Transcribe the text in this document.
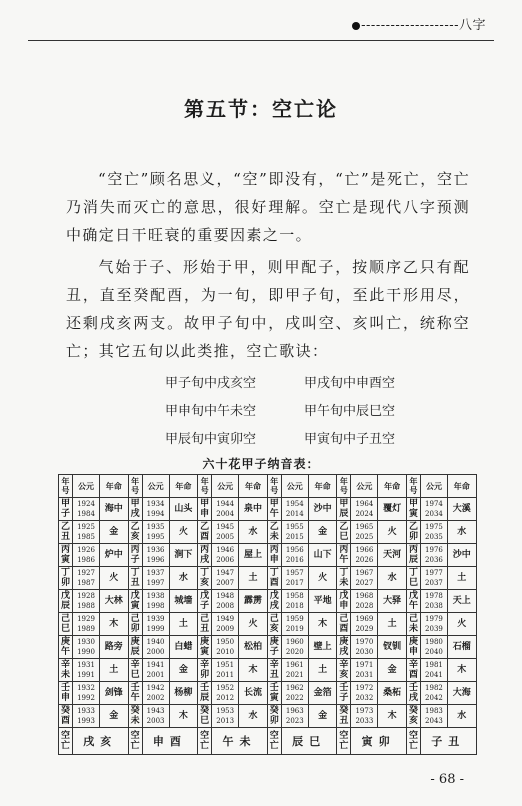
--------------------八字
第五节：空亡论
“空亡”顾名思义，“空”即没有，“亡”是死亡，空亡乃消失而灭亡的意思，很好理解。空亡是现代八字预测中确定日干旺衰的重要因素之一。
气始于子、形始于甲，则甲配子，按顺序乙只有配丑，直至癸配酉，为一旬，即甲子旬，至此干形用尽，还剩戌亥两支。故甲子旬中，戌叫空、亥叫亡，统称空亡；其它五旬以此类推，空亡歌诀：
甲子旬中戌亥空	甲戌旬中申酉空
甲申旬中午未空	甲午旬中辰巳空
甲辰旬中寅卯空	甲寅旬中子丑空
六十花甲子纳音表：
年号	公元	年命	年号	公元	年命	年号	公元	年命	年号	公元	年命	年号	公元	年命	年号	公元	年命
甲子	1924 1984	海中	甲戌	1934 1994	山头	甲申	1944 2004	泉中	甲午	1954 2014	沙中	甲辰	1964 2024	覆灯	甲寅	1974 2034	大溪
乙丑	1925 1985	金	乙亥	1935 1995	火	乙酉	1945 2005	水	乙未	1955 2015	金	乙巳	1965 2025	火	乙卯	1975 2035	水
丙寅	1926 1986	炉中	丙子	1936 1996	涧下	丙戌	1946 2006	屋上	丙申	1956 2016	山下	丙午	1966 2026	天河	丙辰	1976 2036	沙中
丁卯	1927 1987	火	丁丑	1937 1997	水	丁亥	1947 2007	土	丁酉	1957 2017	火	丁未	1967 2027	水	丁巳	1977 2037	土
戊辰	1928 1988	大林	戊寅	1938 1998	城墙	戊子	1948 2008	霹雳	戊戌	1958 2018	平地	戊申	1968 2028	大驿	戊午	1978 2038	天上
己巳	1929 1989	木	己卯	1939 1999	土	己丑	1949 2009	火	己亥	1959 2019	木	己酉	1969 2029	土	己未	1979 2039	火
庚午	1930 1990	路旁	庚辰	1940 2000	白蜡	庚寅	1950 2010	松柏	庚子	1960 2020	壁上	庚戌	1970 2030	钗钏	庚申	1980 2040	石榴
辛未	1931 1991	土	辛巳	1941 2001	金	辛卯	1951 2011	木	辛丑	1961 2021	土	辛亥	1971 2031	金	辛酉	1981 2041	木
壬申	1932 1992	剑锋	壬午	1942 2002	杨柳	壬辰	1952 2012	长流	壬寅	1962 2022	金箔	壬子	1972 2032	桑柘	壬戌	1982 2042	大海
癸酉	1933 1993	金	癸未	1943 2003	木	癸巳	1953 2013	水	癸卯	1963 2023	金	癸丑	1973 2033	木	癸亥	1983 2043	水
空亡	戌亥		空亡	申酉		空亡	午未		空亡	辰巳		空亡	寅卯		空亡	子丑	
- 68 -
